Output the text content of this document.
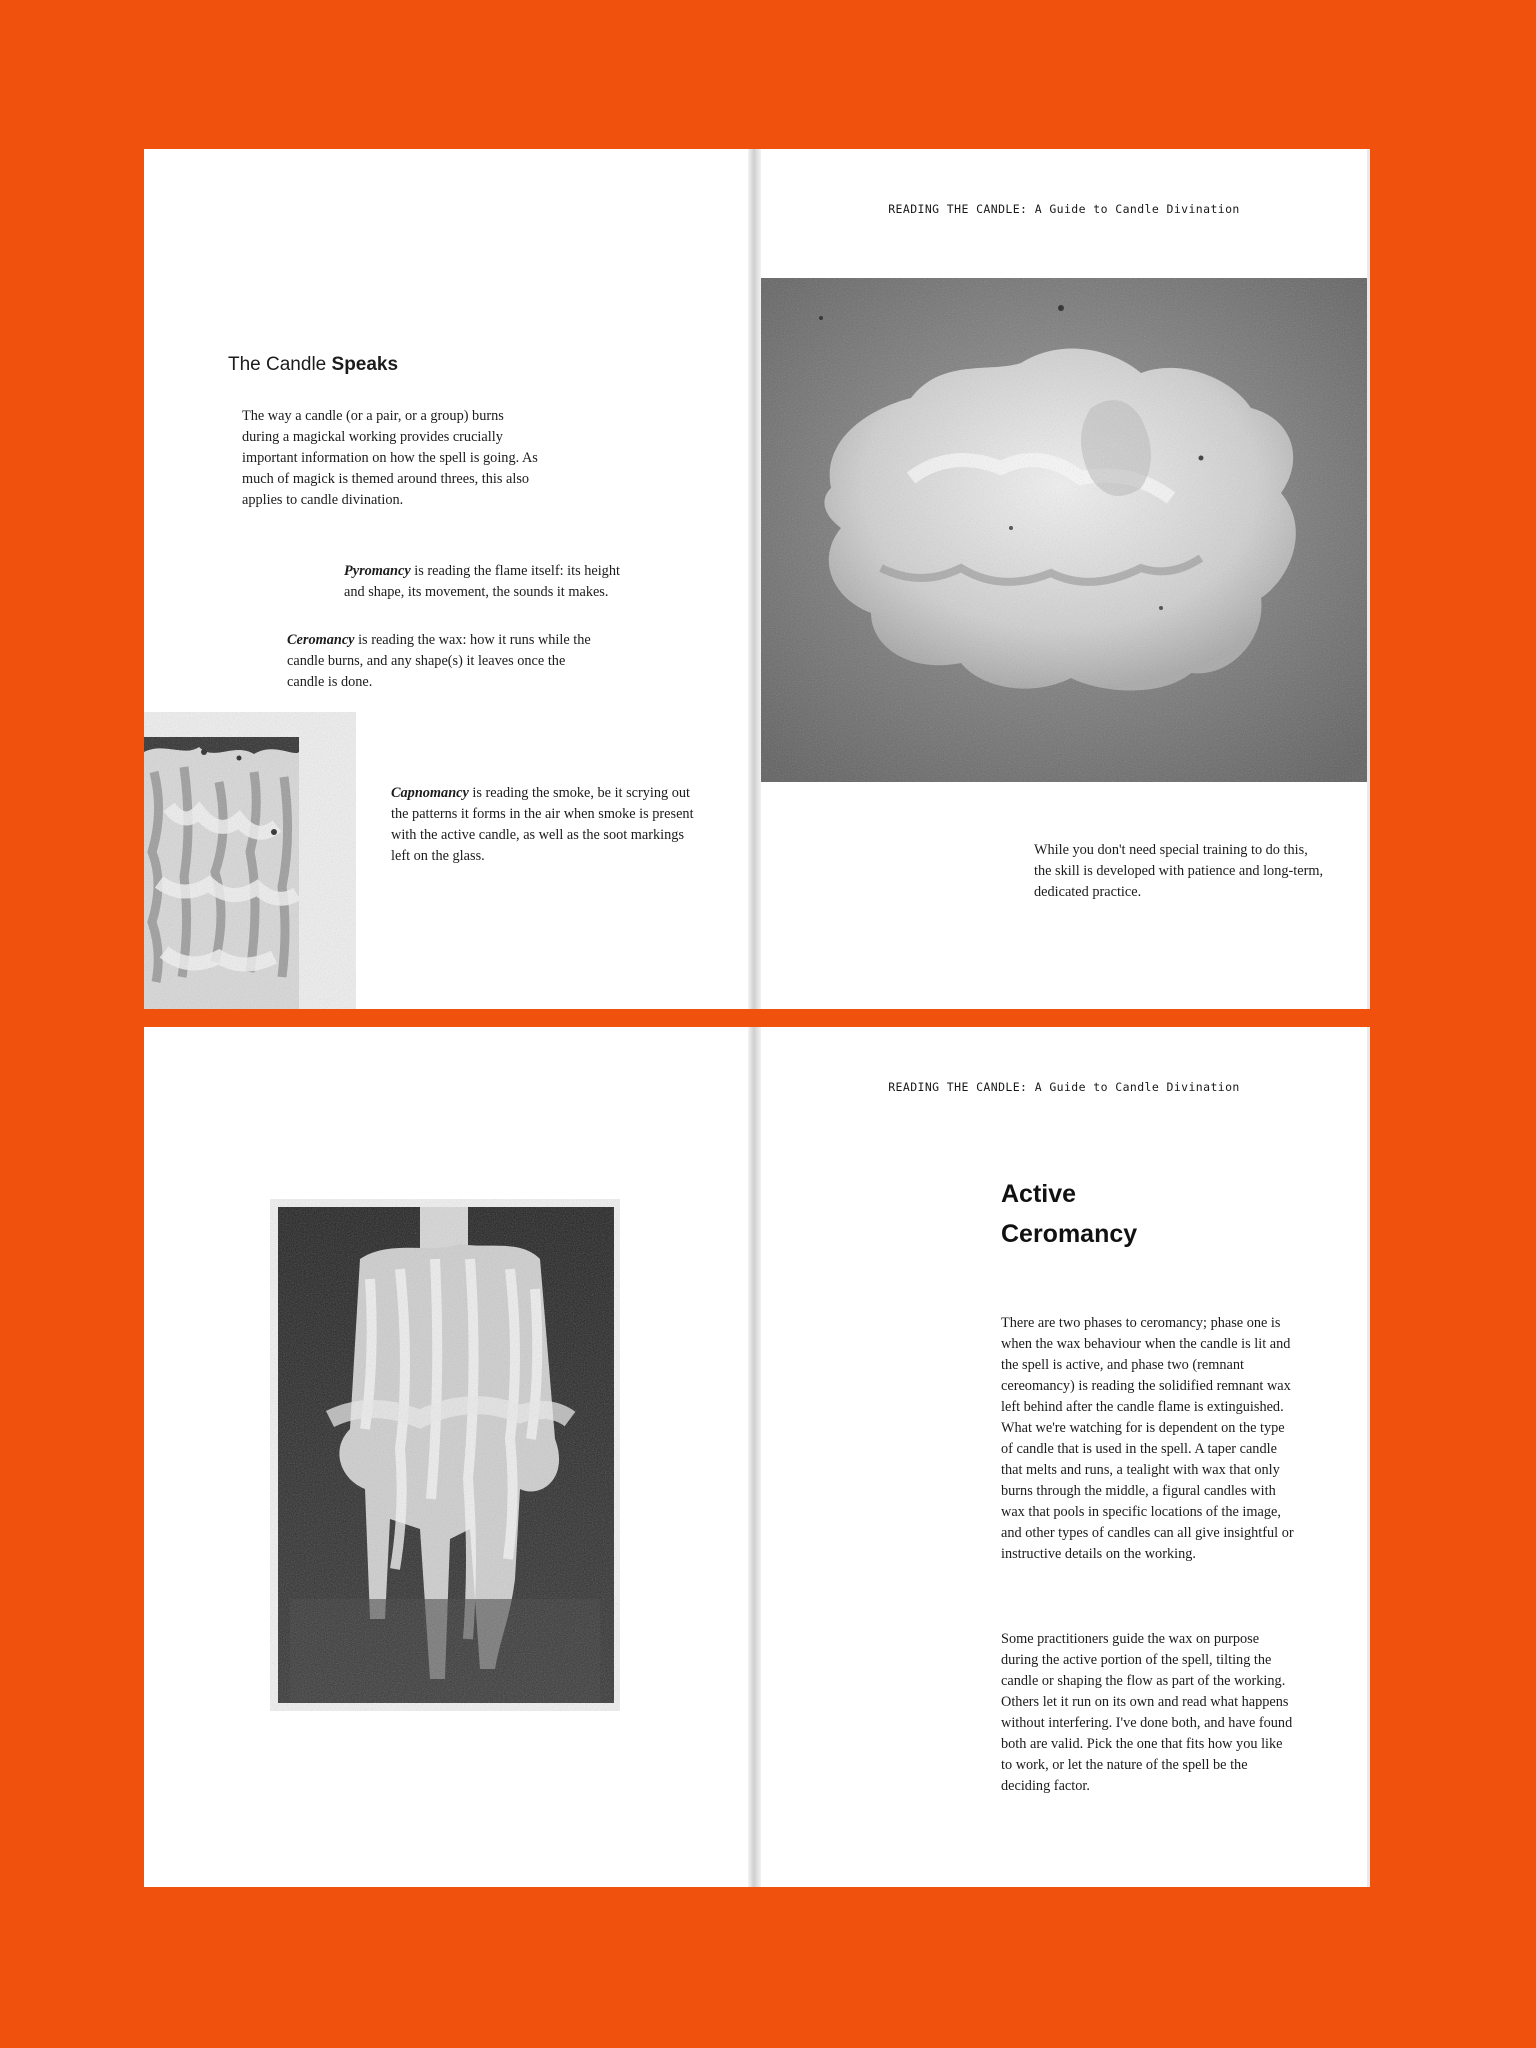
The Candle Speaks

The way a candle (or a pair, or a group) burns during a magickal working provides crucially important information on how the spell is going. As much of magick is themed around threes, this also applies to candle divination.

Pyromancy is reading the flame itself: its height and shape, its movement, the sounds it makes.

Ceromancy is reading the wax: how it runs while the candle burns, and any shape(s) it leaves once the candle is done.

Capnomancy is reading the smoke, be it scrying out the patterns it forms in the air when smoke is present with the active candle, as well as the soot markings left on the glass.

READING THE CANDLE: A Guide to Candle Divination

While you don't need special training to do this, the skill is developed with patience and long-term, dedicated practice.

READING THE CANDLE: A Guide to Candle Divination
Active
Ceromancy

There are two phases to ceromancy; phase one is when the wax behaviour when the candle is lit and the spell is active, and phase two (remnant cereomancy) is reading the solidified remnant wax left behind after the candle flame is extinguished. What we're watching for is dependent on the type of candle that is used in the spell. A taper candle that melts and runs, a tealight with wax that only burns through the middle, a figural candles with wax that pools in specific locations of the image, and other types of candles can all give insightful or instructive details on the working.

Some practitioners guide the wax on purpose during the active portion of the spell, tilting the candle or shaping the flow as part of the working. Others let it run on its own and read what happens without interfering. I've done both, and have found both are valid. Pick the one that fits how you like to work, or let the nature of the spell be the deciding factor.
